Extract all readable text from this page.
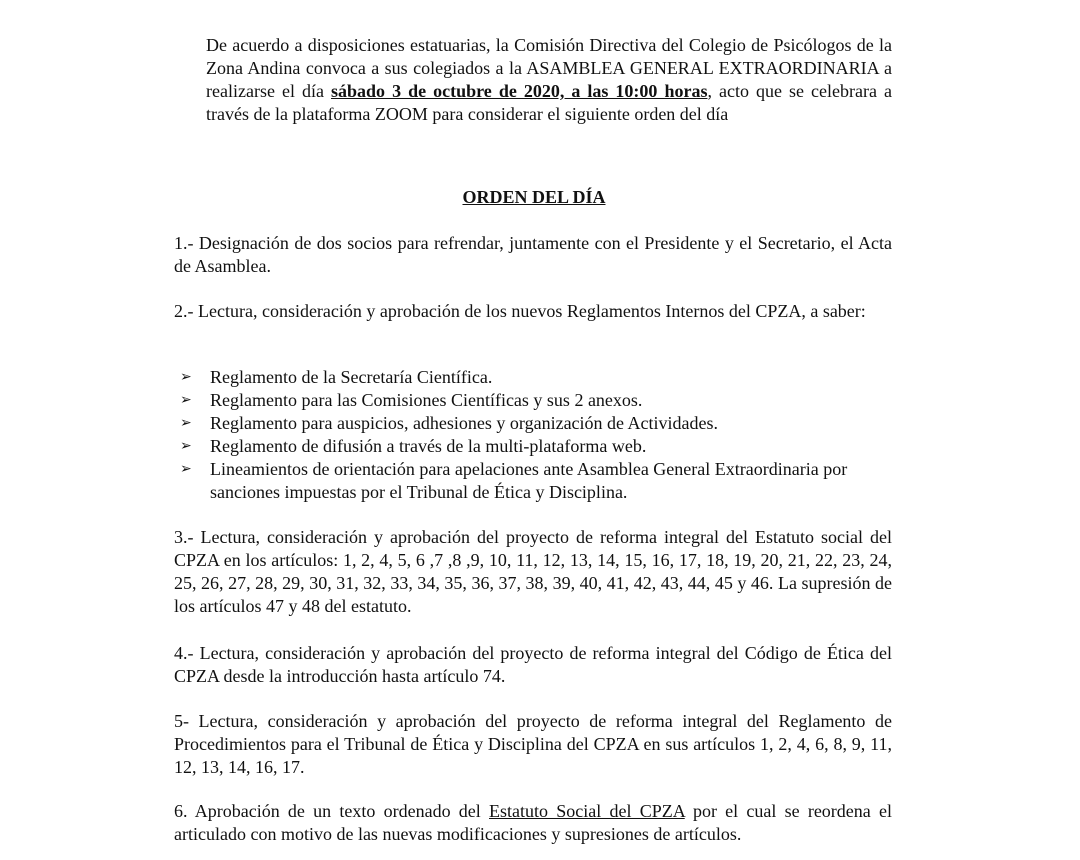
De acuerdo a disposiciones estatuarias, la Comisión Directiva del Colegio de Psicólogos de la Zona Andina convoca a sus colegiados a la ASAMBLEA GENERAL EXTRAORDINARIA a realizarse el día sábado 3 de octubre de 2020, a las 10:00 horas, acto que se celebrara a través de la plataforma ZOOM para considerar el siguiente orden del día
ORDEN DEL DÍA
1.- Designación de dos socios para refrendar, juntamente con el Presidente y el Secretario, el Acta de Asamblea.
2.- Lectura, consideración y aprobación de los nuevos Reglamentos Internos del CPZA, a saber:
➢ Reglamento de la Secretaría Científica.
➢ Reglamento para las Comisiones Científicas y sus 2 anexos.
➢ Reglamento para auspicios, adhesiones y organización de Actividades.
➢ Reglamento de difusión a través de la multi-plataforma web.
➢ Lineamientos de orientación para apelaciones ante Asamblea General Extraordinaria por sanciones impuestas por el Tribunal de Ética y Disciplina.
3.- Lectura, consideración y aprobación del proyecto de reforma integral del Estatuto social del CPZA en los artículos: 1, 2, 4, 5, 6 ,7 ,8 ,9, 10, 11, 12, 13, 14, 15, 16, 17, 18, 19, 20, 21, 22, 23, 24, 25, 26, 27, 28, 29, 30, 31, 32, 33, 34, 35, 36, 37, 38, 39, 40, 41, 42, 43, 44, 45 y 46. La supresión de los artículos 47 y 48 del estatuto.
4.- Lectura, consideración y aprobación del proyecto de reforma integral del Código de Ética del CPZA desde la introducción hasta artículo 74.
5- Lectura, consideración y aprobación del proyecto de reforma integral del Reglamento de Procedimientos para el Tribunal de Ética y Disciplina del CPZA en sus artículos 1, 2, 4, 6, 8, 9, 11, 12, 13, 14, 16, 17.
6. Aprobación de un texto ordenado del Estatuto Social del CPZA por el cual se reordena el articulado con motivo de las nuevas modificaciones y supresiones de artículos.
